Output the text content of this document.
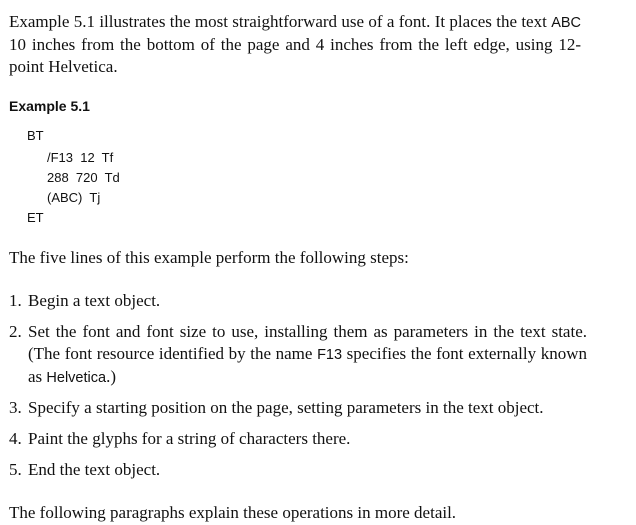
Example 5.1 illustrates the most straightforward use of a font. It places the text ABC 10 inches from the bottom of the page and 4 inches from the left edge, using 12-point Helvetica.

Example 5.1
BT
/F13  12  Tf
288  720  Td
(ABC)  Tj
ET

The five lines of this example perform the following steps:

1. Begin a text object.
2. Set the font and font size to use, installing them as parameters in the text state. (The font resource identified by the name F13 specifies the font externally known as Helvetica.)
3. Specify a starting position on the page, setting parameters in the text object.
4. Paint the glyphs for a string of characters there.
5. End the text object.

The following paragraphs explain these operations in more detail.
